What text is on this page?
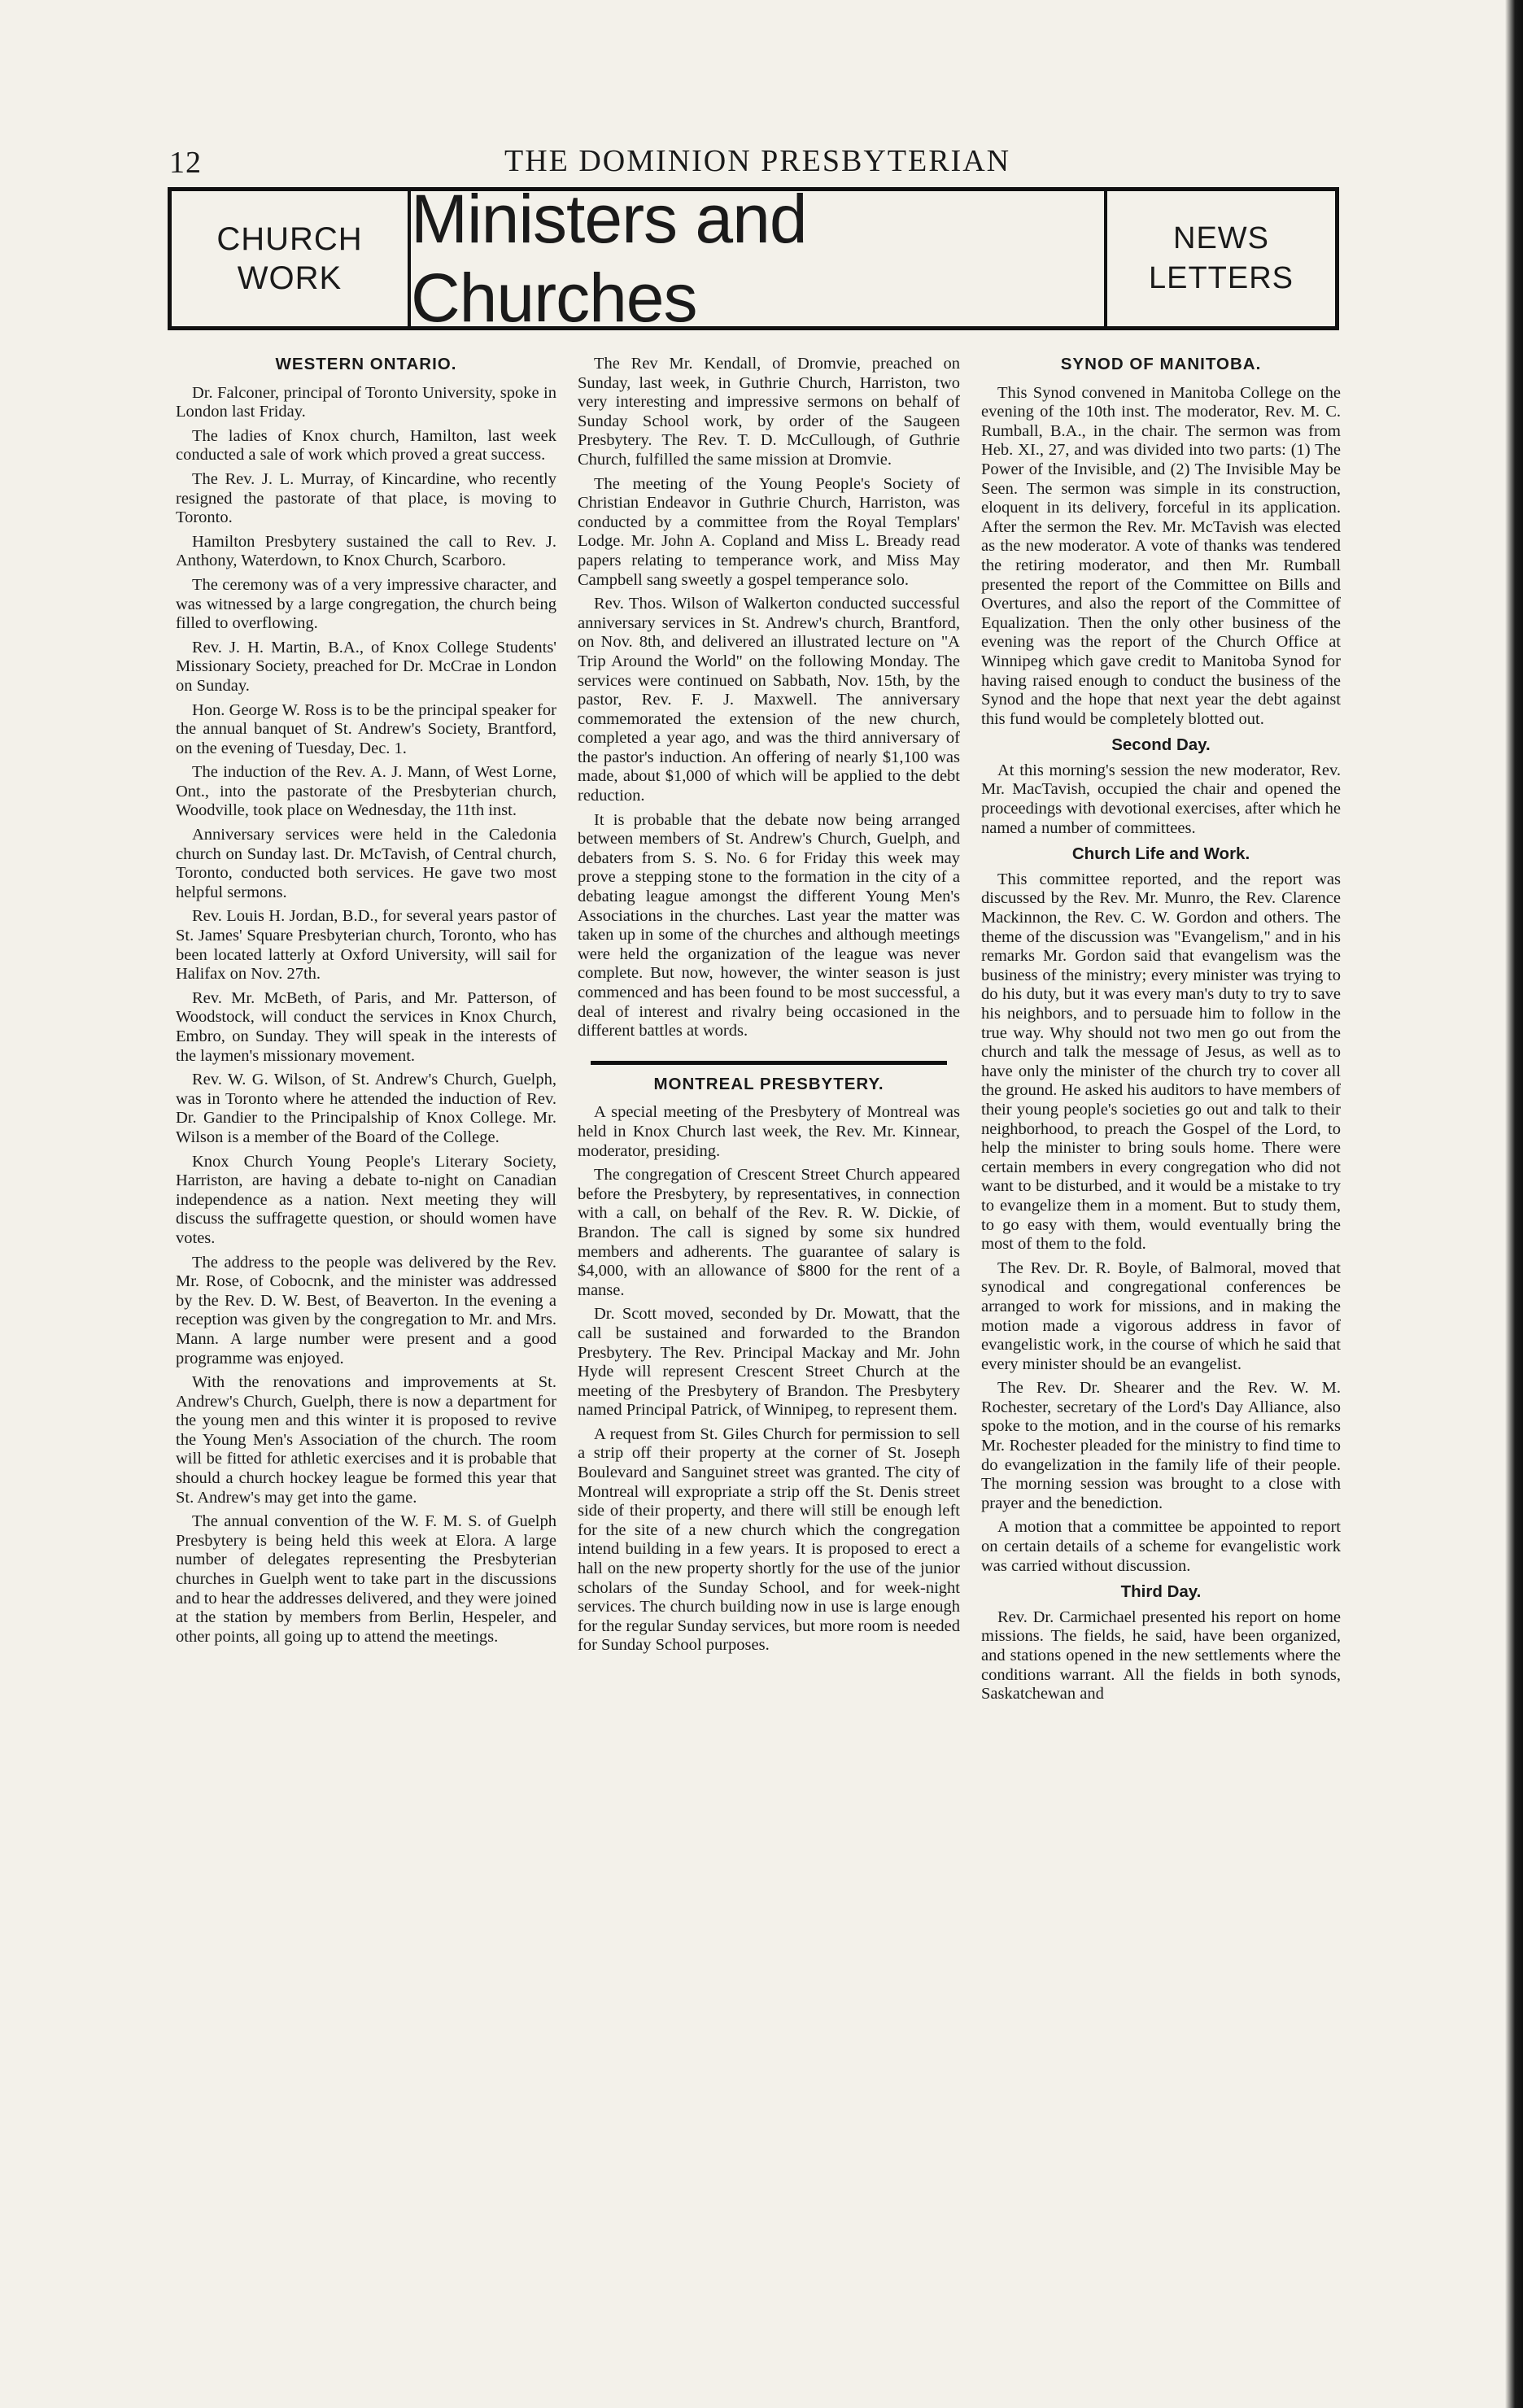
12	THE DOMINION PRESBYTERIAN
CHURCH
WORK
Ministers and Churches
NEWS
LETTERS
WESTERN ONTARIO.

Dr. Falconer, principal of Toronto University, spoke in London last Friday.

The ladies of Knox church, Hamilton, last week conducted a sale of work which proved a great success.

The Rev. J. L. Murray, of Kincardine, who recently resigned the pastorate of that place, is moving to Toronto.

Hamilton Presbytery sustained the call to Rev. J. Anthony, Waterdown, to Knox Church, Scarboro.

The ceremony was of a very impressive character, and was witnessed by a large congregation, the church being filled to overflowing.

Rev. J. H. Martin, B.A., of Knox College Students' Missionary Society, preached for Dr. McCrae in London on Sunday.

Hon. George W. Ross is to be the principal speaker for the annual banquet of St. Andrew's Society, Brantford, on the evening of Tuesday, Dec. 1.

The induction of the Rev. A. J. Mann, of West Lorne, Ont., into the pastorate of the Presbyterian church, Woodville, took place on Wednesday, the 11th inst.

Anniversary services were held in the Caledonia church on Sunday last. Dr. McTavish, of Central church, Toronto, conducted both services. He gave two most helpful sermons.

Rev. Louis H. Jordan, B.D., for several years pastor of St. James' Square Presbyterian church, Toronto, who has been located latterly at Oxford University, will sail for Halifax on Nov. 27th.

Rev. Mr. McBeth, of Paris, and Mr. Patterson, of Woodstock, will conduct the services in Knox Church, Embro, on Sunday. They will speak in the interests of the laymen's missionary movement.

Rev. W. G. Wilson, of St. Andrew's Church, Guelph, was in Toronto where he attended the induction of Rev. Dr. Gandier to the Principalship of Knox College. Mr. Wilson is a member of the Board of the College.

Knox Church Young People's Literary Society, Harriston, are having a debate to-night on Canadian independence as a nation. Next meeting they will discuss the suffragette question, or should women have votes.

The address to the people was delivered by the Rev. Mr. Rose, of Cobocnk, and the minister was addressed by the Rev. D. W. Best, of Beaverton. In the evening a reception was given by the congregation to Mr. and Mrs. Mann. A large number were present and a good programme was enjoyed.

With the renovations and improvements at St. Andrew's Church, Guelph, there is now a department for the young men and this winter it is proposed to revive the Young Men's Association of the church. The room will be fitted for athletic exercises and it is probable that should a church hockey league be formed this year that St. Andrew's may get into the game.

The annual convention of the W. F. M. S. of Guelph Presbytery is being held this week at Elora. A large number of delegates representing the Presbyterian churches in Guelph went to take part in the discussions and to hear the addresses delivered, and they were joined at the station by members from Berlin, Hespeler, and other points, all going up to attend the meetings.

The Rev Mr. Kendall, of Dromvie, preached on Sunday, last week, in Guthrie Church, Harriston, two very interesting and impressive sermons on behalf of Sunday School work, by order of the Saugeen Presbytery. The Rev. T. D. McCullough, of Guthrie Church, fulfilled the same mission at Dromvie.

The meeting of the Young People's Society of Christian Endeavor in Guthrie Church, Harriston, was conducted by a committee from the Royal Templars' Lodge. Mr. John A. Copland and Miss L. Bready read papers relating to temperance work, and Miss May Campbell sang sweetly a gospel temperance solo.

Rev. Thos. Wilson of Walkerton conducted successful anniversary services in St. Andrew's church, Brantford, on Nov. 8th, and delivered an illustrated lecture on "A Trip Around the World" on the following Monday. The services were continued on Sabbath, Nov. 15th, by the pastor, Rev. F. J. Maxwell. The anniversary commemorated the extension of the new church, completed a year ago, and was the third anniversary of the pastor's induction. An offering of nearly $1,100 was made, about $1,000 of which will be applied to the debt reduction.

It is probable that the debate now being arranged between members of St. Andrew's Church, Guelph, and debaters from S. S. No. 6 for Friday this week may prove a stepping stone to the formation in the city of a debating league amongst the different Young Men's Associations in the churches. Last year the matter was taken up in some of the churches and although meetings were held the organization of the league was never complete. But now, however, the winter season is just commenced and has been found to be most successful, a deal of interest and rivalry being occasioned in the different battles at words.

MONTREAL PRESBYTERY.

A special meeting of the Presbytery of Montreal was held in Knox Church last week, the Rev. Mr. Kinnear, moderator, presiding.

The congregation of Crescent Street Church appeared before the Presbytery, by representatives, in connection with a call, on behalf of the Rev. R. W. Dickie, of Brandon. The call is signed by some six hundred members and adherents. The guarantee of salary is $4,000, with an allowance of $800 for the rent of a manse.

Dr. Scott moved, seconded by Dr. Mowatt, that the call be sustained and forwarded to the Brandon Presbytery. The Rev. Principal Mackay and Mr. John Hyde will represent Crescent Street Church at the meeting of the Presbytery of Brandon. The Presbytery named Principal Patrick, of Winnipeg, to represent them.

A request from St. Giles Church for permission to sell a strip off their property at the corner of St. Joseph Boulevard and Sanguinet street was granted. The city of Montreal will expropriate a strip off the St. Denis street side of their property, and there will still be enough left for the site of a new church which the congregation intend building in a few years. It is proposed to erect a hall on the new property shortly for the use of the junior scholars of the Sunday School, and for week-night services. The church building now in use is large enough for the regular Sunday services, but more room is needed for Sunday School purposes.

SYNOD OF MANITOBA.

This Synod convened in Manitoba College on the evening of the 10th inst. The moderator, Rev. M. C. Rumball, B.A., in the chair. The sermon was from Heb. XI., 27, and was divided into two parts: (1) The Power of the Invisible, and (2) The Invisible May be Seen. The sermon was simple in its construction, eloquent in its delivery, forceful in its application. After the sermon the Rev. Mr. McTavish was elected as the new moderator. A vote of thanks was tendered the retiring moderator, and then Mr. Rumball presented the report of the Committee on Bills and Overtures, and also the report of the Committee of Equalization. Then the only other business of the evening was the report of the Church Office at Winnipeg which gave credit to Manitoba Synod for having raised enough to conduct the business of the Synod and the hope that next year the debt against this fund would be completely blotted out.

Second Day.

At this morning's session the new moderator, Rev. Mr. MacTavish, occupied the chair and opened the proceedings with devotional exercises, after which he named a number of committees.

Church Life and Work.

This committee reported, and the report was discussed by the Rev. Mr. Munro, the Rev. Clarence Mackinnon, the Rev. C. W. Gordon and others. The theme of the discussion was "Evangelism," and in his remarks Mr. Gordon said that evangelism was the business of the ministry; every minister was trying to do his duty, but it was every man's duty to try to save his neighbors, and to persuade him to follow in the true way. Why should not two men go out from the church and talk the message of Jesus, as well as to have only the minister of the church try to cover all the ground. He asked his auditors to have members of their young people's societies go out and talk to their neighborhood, to preach the Gospel of the Lord, to help the minister to bring souls home. There were certain members in every congregation who did not want to be disturbed, and it would be a mistake to try to evangelize them in a moment. But to study them, to go easy with them, would eventually bring the most of them to the fold.

The Rev. Dr. R. Boyle, of Balmoral, moved that synodical and congregational conferences be arranged to work for missions, and in making the motion made a vigorous address in favor of evangelistic work, in the course of which he said that every minister should be an evangelist.

The Rev. Dr. Shearer and the Rev. W. M. Rochester, secretary of the Lord's Day Alliance, also spoke to the motion, and in the course of his remarks Mr. Rochester pleaded for the ministry to find time to do evangelization in the family life of their people. The morning session was brought to a close with prayer and the benediction.

A motion that a committee be appointed to report on certain details of a scheme for evangelistic work was carried without discussion.

Third Day.

Rev. Dr. Carmichael presented his report on home missions. The fields, he said, have been organized, and stations opened in the new settlements where the conditions warrant. All the fields in both synods, Saskatchewan and
